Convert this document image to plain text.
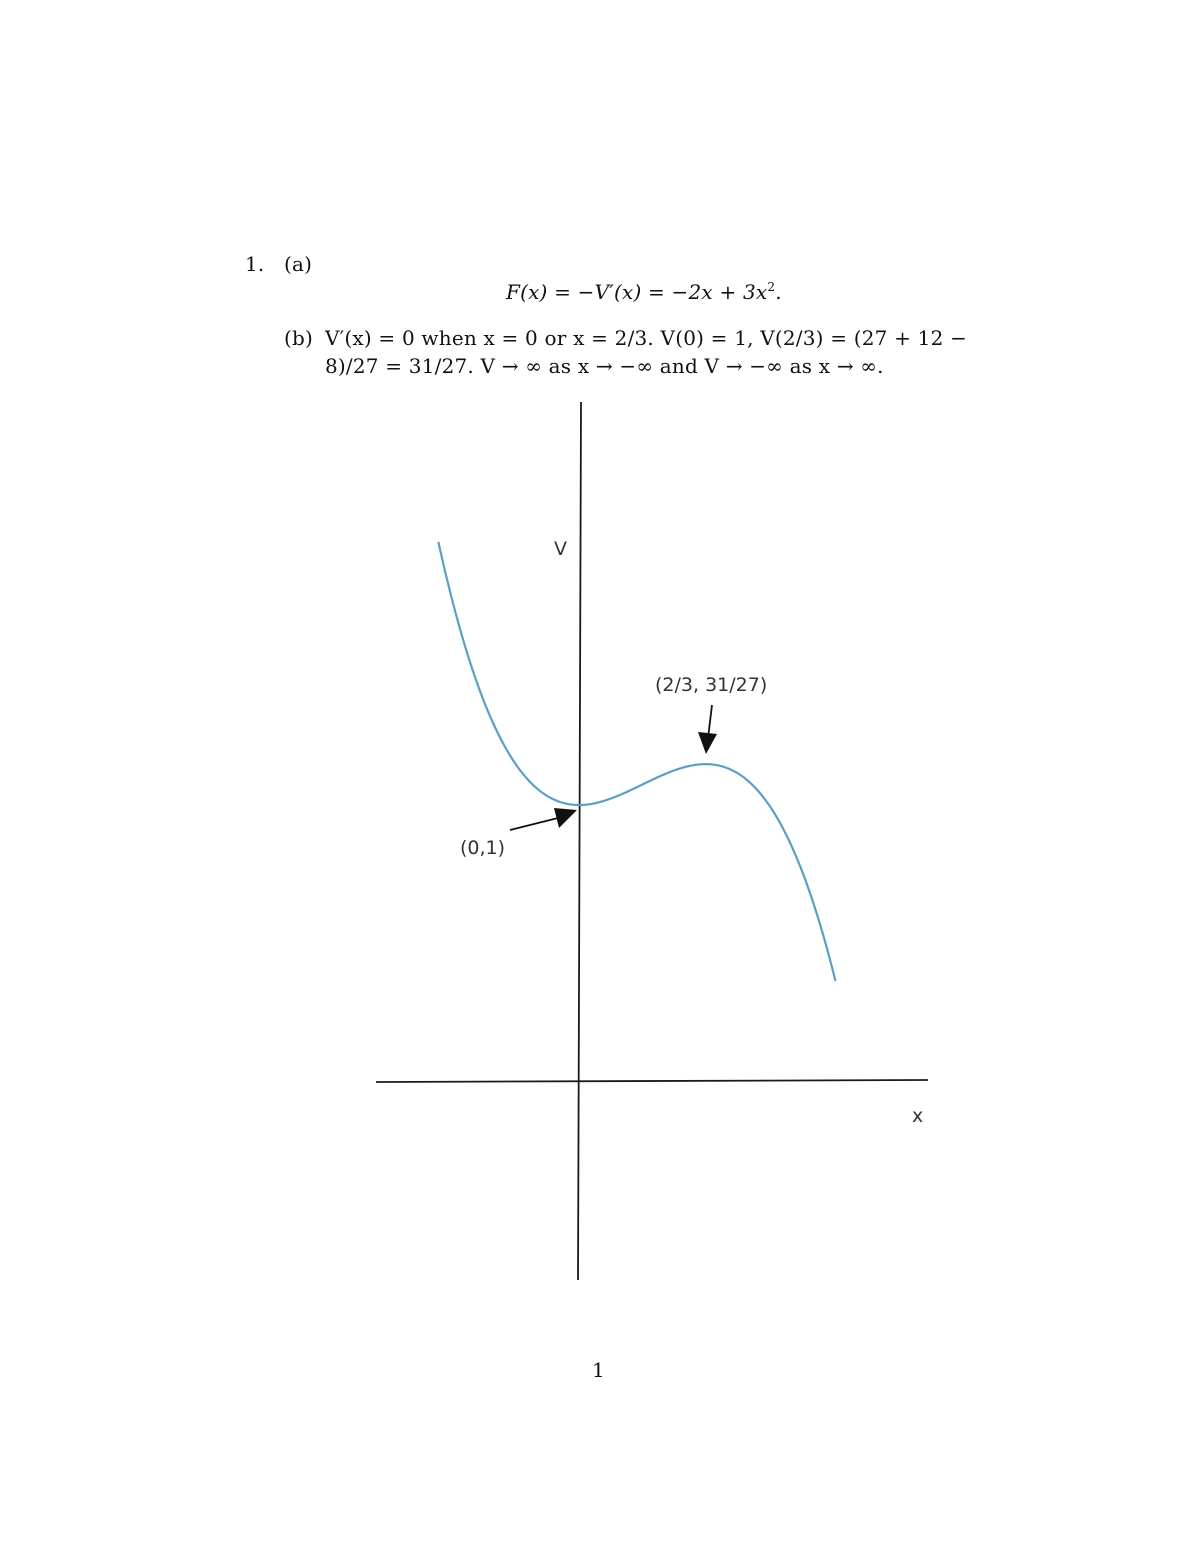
1. (a)
$F(x) = -V'(x) = -2x + 3x^2$.
(b) V′(x) = 0 when x = 0 or x = 2/3. V(0) = 1, V(2/3) = (27 + 12 −
8)/27 = 31/27. V → ∞ as x → −∞ and V → −∞ as x → ∞.
V
x
(2/3, 31/27)
(0,1)
1
